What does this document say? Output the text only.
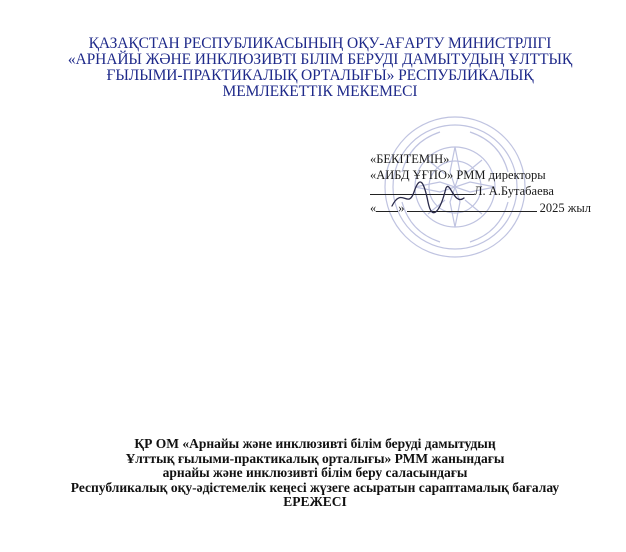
ҚАЗАҚСТАН РЕСПУБЛИКАСЫНЫҢ ОҚУ-АҒАРТУ МИНИСТРЛІГІ
«АРНАЙЫ ЖӘНЕ ИНКЛЮЗИВТІ БІЛІМ БЕРУДІ ДАМЫТУДЫҢ ҰЛТТЫҚ
ҒЫЛЫМИ-ПРАКТИКАЛЫҚ ОРТАЛЫҒЫ» РЕСПУБЛИКАЛЫҚ
МЕМЛЕКЕТТІК МЕКЕМЕСІ
«БЕКІТЕМІН»
«АИБД ҰҒПО» РММ директоры
Л. А.Бутабаева
« »	2025 жыл
ҚР ОМ «Арнайы және инклюзивті білім беруді дамытудың
Ұлттық ғылыми-практикалық орталығы» РММ жанындағы
арнайы және инклюзивті білім беру саласындағы
Республикалық оқу-әдістемелік кеңесі жүзеге асыратын сараптамалық бағалау
ЕРЕЖЕСІ
